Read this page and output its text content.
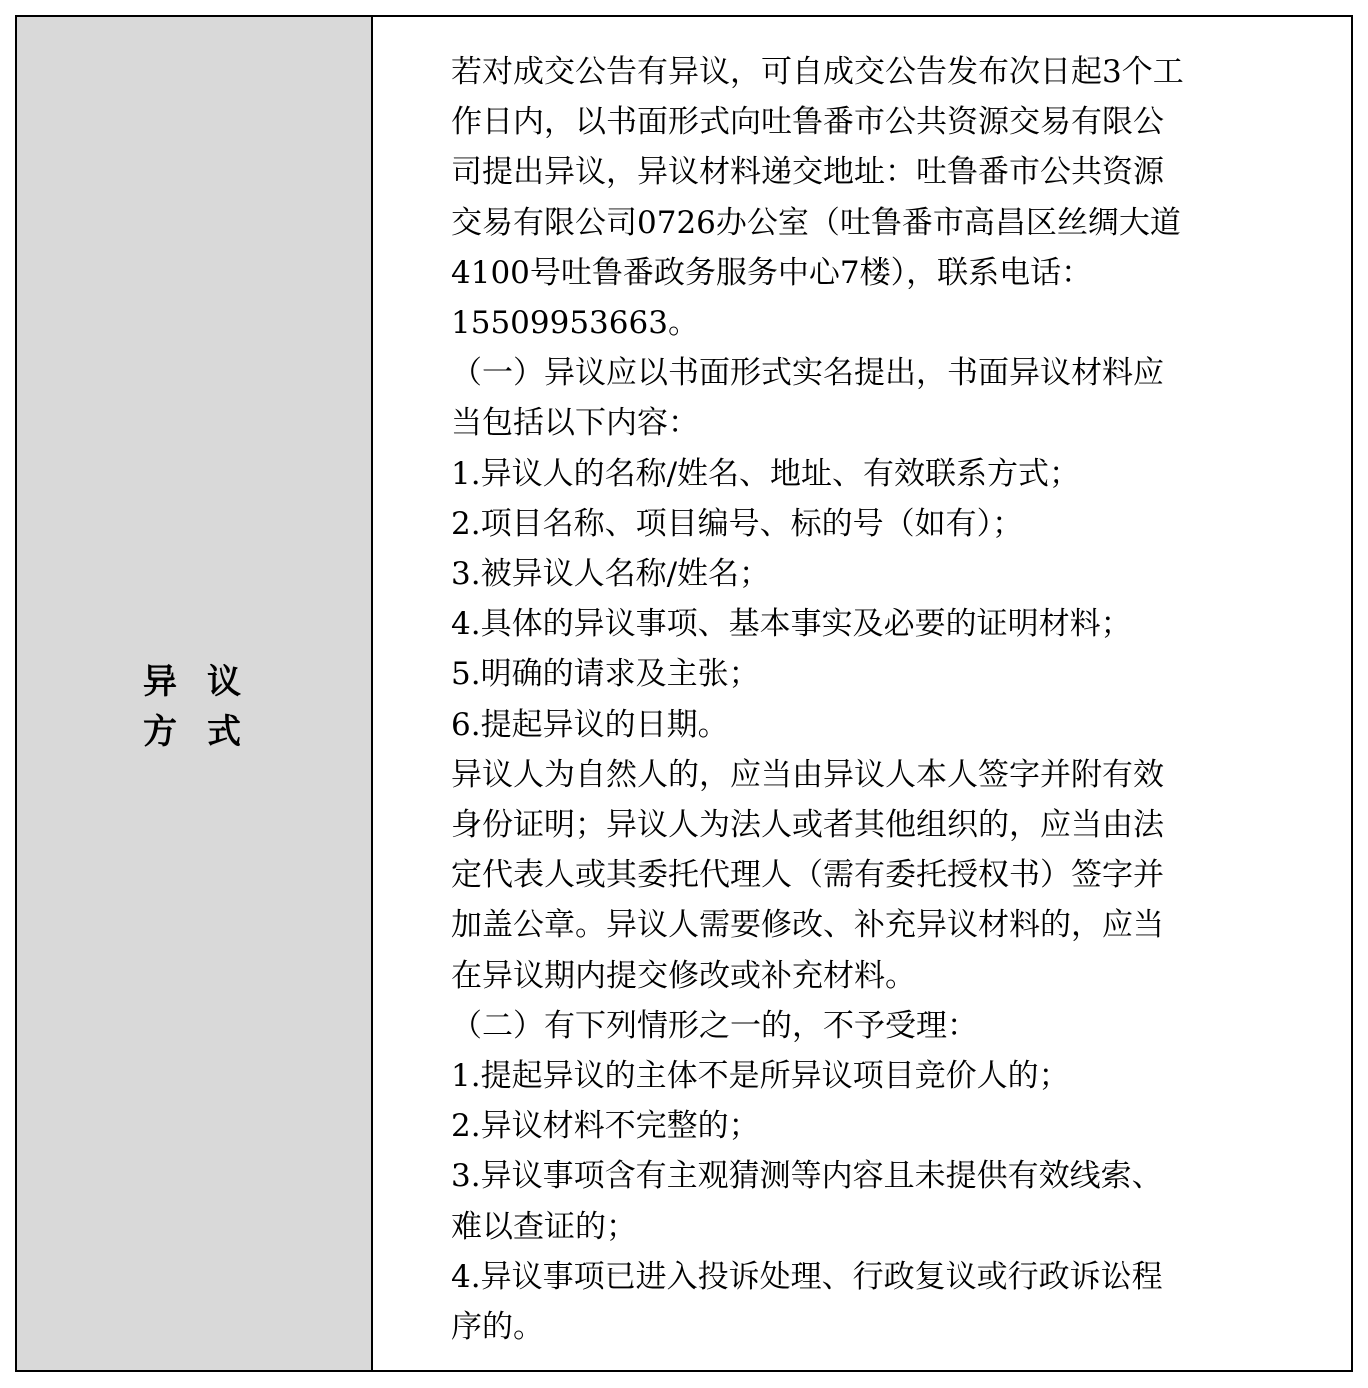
异议
方式
若对成交公告有异议，可自成交公告发布次日起3个工
作日内，以书面形式向吐鲁番市公共资源交易有限公
司提出异议，异议材料递交地址：吐鲁番市公共资源
交易有限公司0726办公室（吐鲁番市高昌区丝绸大道
4100号吐鲁番政务服务中心7楼），联系电话：
15509953663。
（一）异议应以书面形式实名提出，书面异议材料应
当包括以下内容：
1.异议人的名称/姓名、地址、有效联系方式；
2.项目名称、项目编号、标的号（如有）；
3.被异议人名称/姓名；
4.具体的异议事项、基本事实及必要的证明材料；
5.明确的请求及主张；
6.提起异议的日期。
异议人为自然人的，应当由异议人本人签字并附有效
身份证明；异议人为法人或者其他组织的，应当由法
定代表人或其委托代理人（需有委托授权书）签字并
加盖公章。异议人需要修改、补充异议材料的，应当
在异议期内提交修改或补充材料。
（二）有下列情形之一的，不予受理：
1.提起异议的主体不是所异议项目竞价人的；
2.异议材料不完整的；
3.异议事项含有主观猜测等内容且未提供有效线索、
难以查证的；
4.异议事项已进入投诉处理、行政复议或行政诉讼程
序的。
